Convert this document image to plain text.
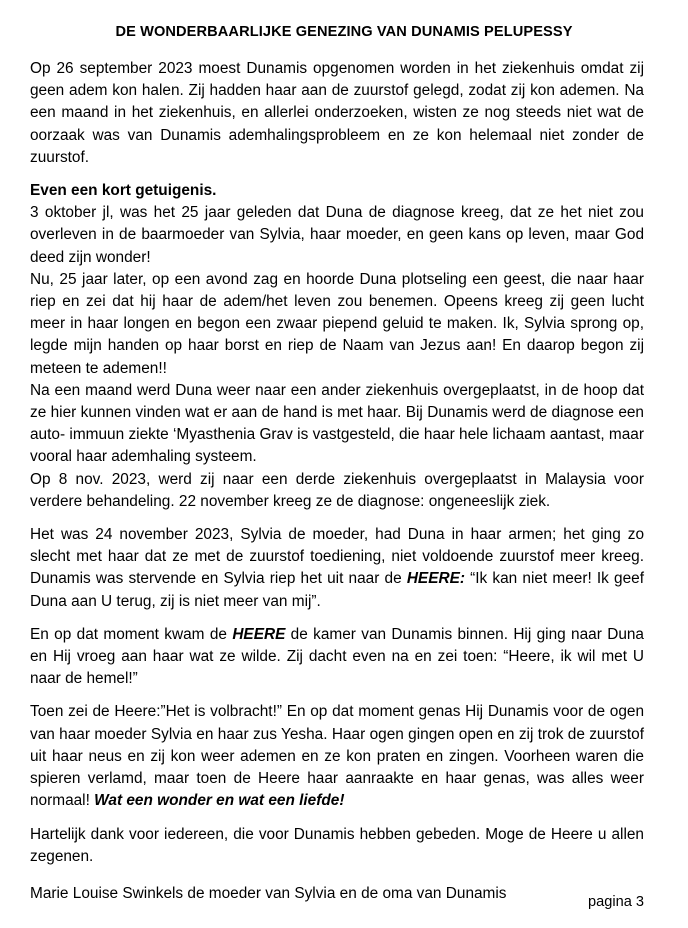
DE WONDERBAARLIJKE GENEZING VAN DUNAMIS PELUPESSY

Op 26 september 2023 moest Dunamis opgenomen worden in het ziekenhuis omdat zij geen adem kon halen. Zij hadden haar aan de zuurstof gelegd, zodat zij kon ademen. Na een maand in het ziekenhuis, en allerlei onderzoeken, wisten ze nog steeds niet wat de oorzaak was van Dunamis ademhalingsprobleem en ze kon helemaal niet zonder de zuurstof.

Even een kort getuigenis.

3 oktober jl, was het 25 jaar geleden dat Duna de diagnose kreeg, dat ze het niet zou overleven in de baarmoeder van Sylvia, haar moeder, en geen kans op leven, maar God deed zijn wonder!

Nu, 25 jaar later, op een avond zag en hoorde Duna plotseling een geest, die naar haar riep en zei dat hij haar de adem/het leven zou benemen. Opeens kreeg zij geen lucht meer in haar longen en begon een zwaar piepend geluid te maken. Ik, Sylvia sprong op, legde mijn handen op haar borst en riep de Naam van Jezus aan! En daarop begon zij meteen te ademen!!

Na een maand werd Duna weer naar een ander ziekenhuis overgeplaatst, in de hoop dat ze hier kunnen vinden wat er aan de hand is met haar. Bij Dunamis werd de diagnose een auto- immuun ziekte ‘Myasthenia Grav is vastgesteld, die haar hele lichaam aantast, maar vooral haar ademhaling systeem.

Op 8 nov. 2023, werd zij naar een derde ziekenhuis overgeplaatst in Malaysia voor verdere behandeling. 22 november kreeg ze de diagnose: ongeneeslijk ziek.

Het was 24 november 2023, Sylvia de moeder, had Duna in haar armen; het ging zo slecht met haar dat ze met de zuurstof toediening, niet voldoende zuurstof meer kreeg. Dunamis was stervende en Sylvia riep het uit naar de HEERE: “Ik kan niet meer! Ik geef Duna aan U terug, zij is niet meer van mij”.

En op dat moment kwam de HEERE de kamer van Dunamis binnen. Hij ging naar Duna en Hij vroeg aan haar wat ze wilde. Zij dacht even na en zei toen: “Heere, ik wil met U naar de hemel!”

Toen zei de Heere:”Het is volbracht!” En op dat moment genas Hij Dunamis voor de ogen van haar moeder Sylvia en haar zus Yesha. Haar ogen gingen open en zij trok de zuurstof uit haar neus en zij kon weer ademen en ze kon praten en zingen. Voorheen waren die spieren verlamd, maar toen de Heere haar aanraakte en haar genas, was alles weer normaal! Wat een wonder en wat een liefde!

Hartelijk dank voor iedereen, die voor Dunamis hebben gebeden. Moge de Heere u allen zegenen.

Marie Louise Swinkels de moeder van Sylvia en de oma van Dunamis	pagina 3
